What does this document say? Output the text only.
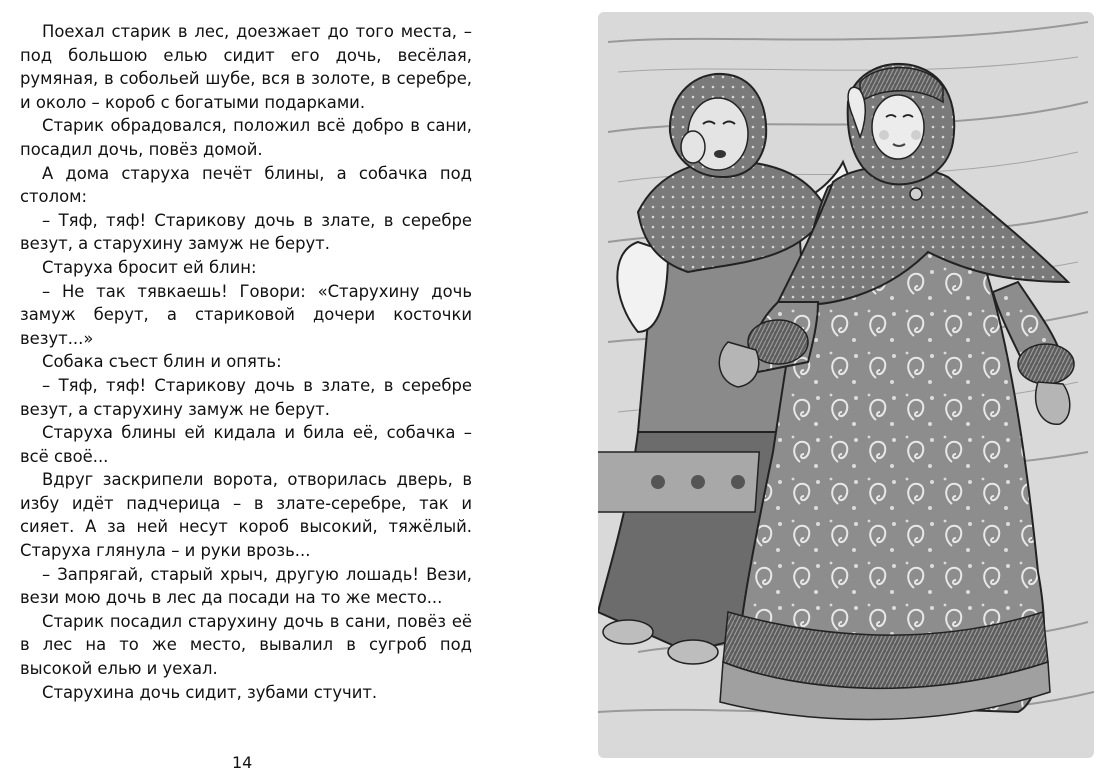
Поехал старик в лес, доезжает до того места, – под большою елью сидит его дочь, весёлая, румяная, в собольей шубе, вся в золоте, в серебре, и около – короб с богатыми подарками.

Старик обрадовался, положил всё добро в сани, посадил дочь, повёз домой.

А дома старуха печёт блины, а собачка под столом:

– Тяф, тяф! Старикову дочь в злате, в серебре везут, а старухину замуж не берут.

Старуха бросит ей блин:

– Не так тявкаешь! Говори: «Старухину дочь замуж берут, а стариковой дочери косточки везут...»

Собака съест блин и опять:

– Тяф, тяф! Старикову дочь в злате, в серебре везут, а старухину замуж не берут.

Старуха блины ей кидала и била её, собачка – всё своё...

Вдруг заскрипели ворота, отворилась дверь, в избу идёт падчерица – в злате-серебре, так и сияет. А за ней несут короб высокий, тяжёлый. Старуха глянула – и руки врозь...

– Запрягай, старый хрыч, другую лошадь! Вези, вези мою дочь в лес да посади на то же место...

Старик посадил старухину дочь в сани, повёз её в лес на то же место, вывалил в сугроб под высокой елью и уехал.

Старухина дочь сидит, зубами стучит.

14
